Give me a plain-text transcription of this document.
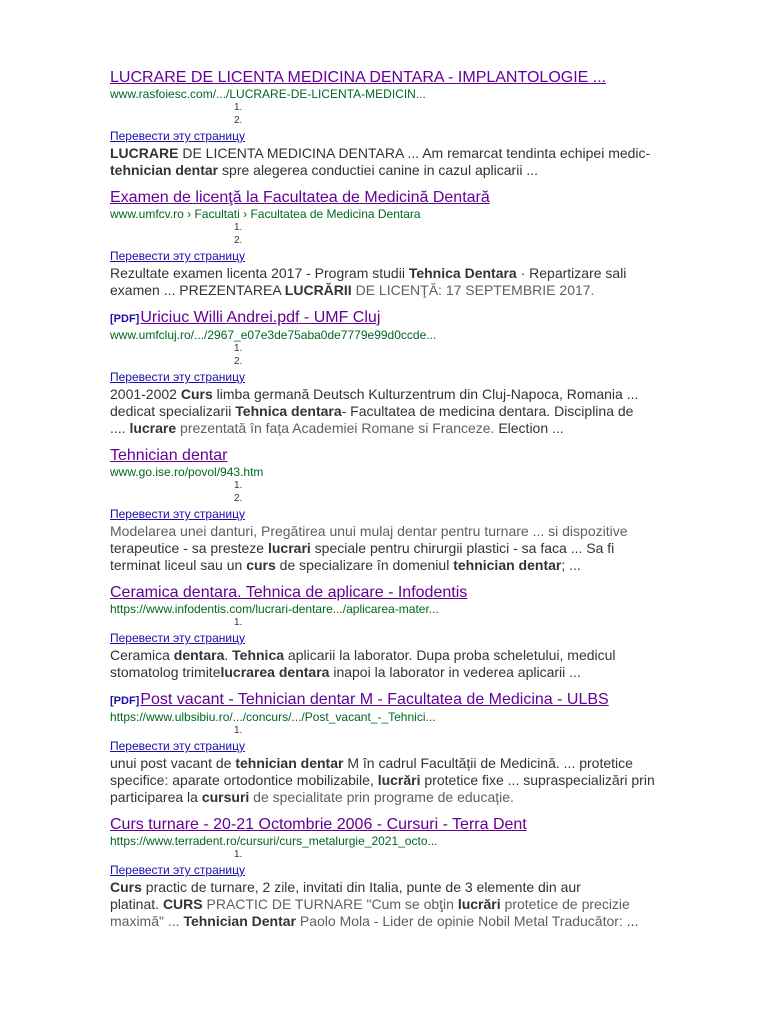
LUCRARE DE LICENTA MEDICINA DENTARA - IMPLANTOLOGIE ...
www.rasfoiesc.com/.../LUCRARE-DE-LICENTA-MEDICIN...
1.
2.
Перевести эту страницу
LUCRARE DE LICENTA MEDICINA DENTARA ... Am remarcat tendinta echipei medic-
tehnician dentar spre alegerea conductiei canine in cazul aplicarii ...
Examen de licenţă la Facultatea de Medicină Dentară
www.umfcv.ro › Facultati › Facultatea de Medicina Dentara
1.
2.
Перевести эту страницу
Rezultate examen licenta 2017 - Program studii Tehnica Dentara · Repartizare sali
examen ... PREZENTAREA LUCRĂRII DE LICENŢĂ: 17 SEPTEMBRIE 2017.
[PDF]Uriciuc Willi Andrei.pdf - UMF Cluj
www.umfcluj.ro/.../2967_e07e3de75aba0de7779e99d0ccde...
1.
2.
Перевести эту страницу
2001-2002 Curs limba germană Deutsch Kulturzentrum din Cluj-Napoca, Romania ...
dedicat specializarii Tehnica dentara- Facultatea de medicina dentara. Disciplina de
.... lucrare prezentată în fața Academiei Romane si Franceze. Election ...
Tehnician dentar
www.go.ise.ro/povol/943.htm
1.
2.
Перевести эту страницу
Modelarea unei danturi, Pregătirea unui mulaj dentar pentru turnare ... si dispozitive
terapeutice - sa presteze lucrari speciale pentru chirurgii plastici - sa faca ... Sa fi
terminat liceul sau un curs de specializare în domeniul tehnician dentar; ...
Ceramica dentara. Tehnica de aplicare - Infodentis
https://www.infodentis.com/lucrari-dentare.../aplicarea-mater...
1.
Перевести эту страницу
Ceramica dentara. Tehnica aplicarii la laborator. Dupa proba scheletului, medicul
stomatolog trimitelucrarea dentara inapoi la laborator in vederea aplicarii ...
[PDF]Post vacant - Tehnician dentar M - Facultatea de Medicina - ULBS
https://www.ulbsibiu.ro/.../concurs/.../Post_vacant_-_Tehnici...
1.
Перевести эту страницу
unui post vacant de tehnician dentar M în cadrul Facultății de Medicină. ... protetice
specifice: aparate ortodontice mobilizabile, lucrări protetice fixe ... supraspecializări prin
participarea la cursuri de specialitate prin programe de educație.
Curs turnare - 20-21 Octombrie 2006 - Cursuri - Terra Dent
https://www.terradent.ro/cursuri/curs_metalurgie_2021_octo...
1.
Перевести эту страницу
Curs practic de turnare, 2 zile, invitati din Italia, punte de 3 elemente din aur
platinat. CURS PRACTIC DE TURNARE "Cum se obţin lucrări protetice de precizie
maximă" ... Tehnician Dentar Paolo Mola - Lider de opinie Nobil Metal Traducător: ...
